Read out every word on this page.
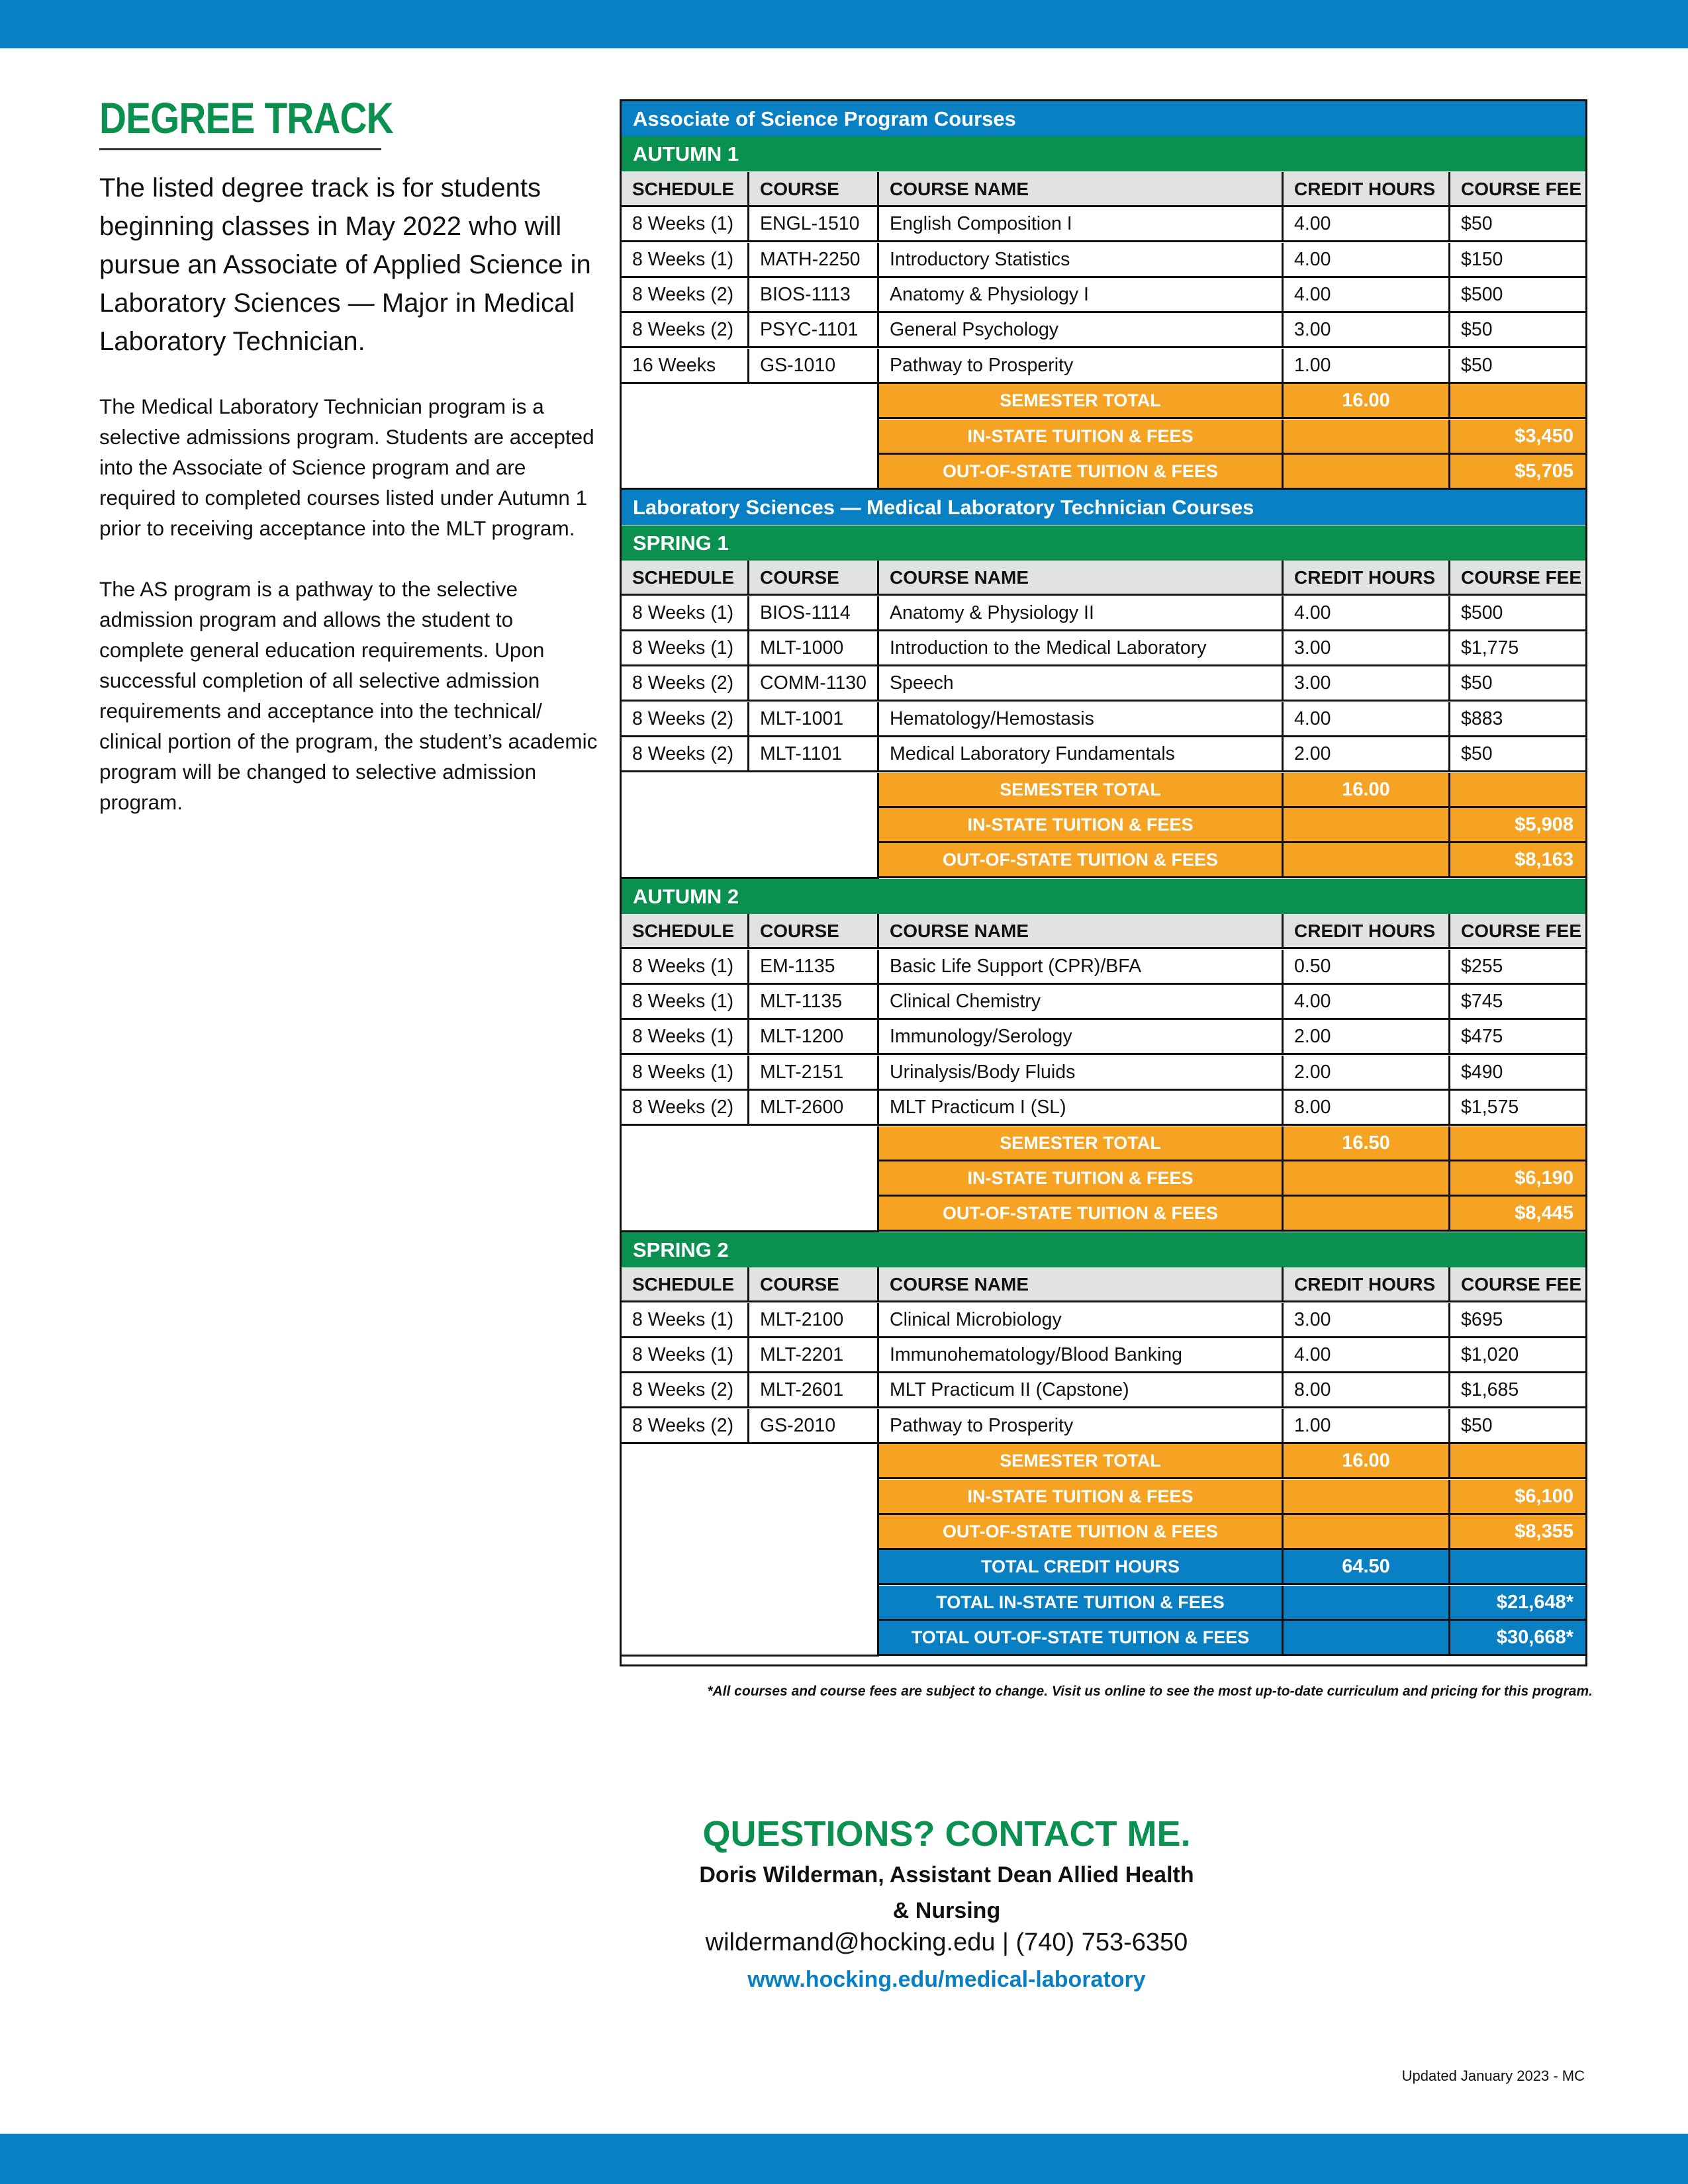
DEGREE TRACK
The listed degree track is for students beginning classes in May 2022 who will pursue an Associate of Applied Science in Laboratory Sciences — Major in Medical Laboratory Technician.
The Medical Laboratory Technician program is a selective admissions program. Students are accepted into the Associate of Science program and are required to completed courses listed under Autumn 1 prior to receiving acceptance into the MLT program.
The AS program is a pathway to the selective admission program and allows the student to complete general education requirements. Upon successful completion of all selective admission requirements and acceptance into the technical/ clinical portion of the program, the student’s academic program will be changed to selective admission program.
Associate of Science Program Courses
AUTUMN 1
SCHEDULE	COURSE	COURSE NAME	CREDIT HOURS	COURSE FEE
8 Weeks (1)	ENGL-1510	English Composition I	4.00	$50
8 Weeks (1)	MATH-2250	Introductory Statistics	4.00	$150
8 Weeks (2)	BIOS-1113	Anatomy & Physiology I	4.00	$500
8 Weeks (2)	PSYC-1101	General Psychology	3.00	$50
16 Weeks	GS-1010	Pathway to Prosperity	1.00	$50
SEMESTER TOTAL	16.00
IN-STATE TUITION & FEES	$3,450
OUT-OF-STATE TUITION & FEES	$5,705
Laboratory Sciences — Medical Laboratory Technician Courses
SPRING 1
SCHEDULE	COURSE	COURSE NAME	CREDIT HOURS	COURSE FEE
8 Weeks (1)	BIOS-1114	Anatomy & Physiology II	4.00	$500
8 Weeks (1)	MLT-1000	Introduction to the Medical Laboratory	3.00	$1,775
8 Weeks (2)	COMM-1130	Speech	3.00	$50
8 Weeks (2)	MLT-1001	Hematology/Hemostasis	4.00	$883
8 Weeks (2)	MLT-1101	Medical Laboratory Fundamentals	2.00	$50
SEMESTER TOTAL	16.00
IN-STATE TUITION & FEES	$5,908
OUT-OF-STATE TUITION & FEES	$8,163
AUTUMN 2
SCHEDULE	COURSE	COURSE NAME	CREDIT HOURS	COURSE FEE
8 Weeks (1)	EM-1135	Basic Life Support (CPR)/BFA	0.50	$255
8 Weeks (1)	MLT-1135	Clinical Chemistry	4.00	$745
8 Weeks (1)	MLT-1200	Immunology/Serology	2.00	$475
8 Weeks (1)	MLT-2151	Urinalysis/Body Fluids	2.00	$490
8 Weeks (2)	MLT-2600	MLT Practicum I (SL)	8.00	$1,575
SEMESTER TOTAL	16.50
IN-STATE TUITION & FEES	$6,190
OUT-OF-STATE TUITION & FEES	$8,445
SPRING 2
SCHEDULE	COURSE	COURSE NAME	CREDIT HOURS	COURSE FEE
8 Weeks (1)	MLT-2100	Clinical Microbiology	3.00	$695
8 Weeks (1)	MLT-2201	Immunohematology/Blood Banking	4.00	$1,020
8 Weeks (2)	MLT-2601	MLT Practicum II (Capstone)	8.00	$1,685
8 Weeks (2)	GS-2010	Pathway to Prosperity	1.00	$50
SEMESTER TOTAL	16.00
IN-STATE TUITION & FEES	$6,100
OUT-OF-STATE TUITION & FEES	$8,355
TOTAL CREDIT HOURS	64.50
TOTAL IN-STATE TUITION & FEES	$21,648*
TOTAL OUT-OF-STATE TUITION & FEES	$30,668*
*All courses and course fees are subject to change. Visit us online to see the most up-to-date curriculum and pricing for this program.
QUESTIONS? CONTACT ME.
Doris Wilderman, Assistant Dean Allied Health
& Nursing
wildermand@hocking.edu | (740) 753-6350
www.hocking.edu/medical-laboratory
Updated January 2023 - MC
